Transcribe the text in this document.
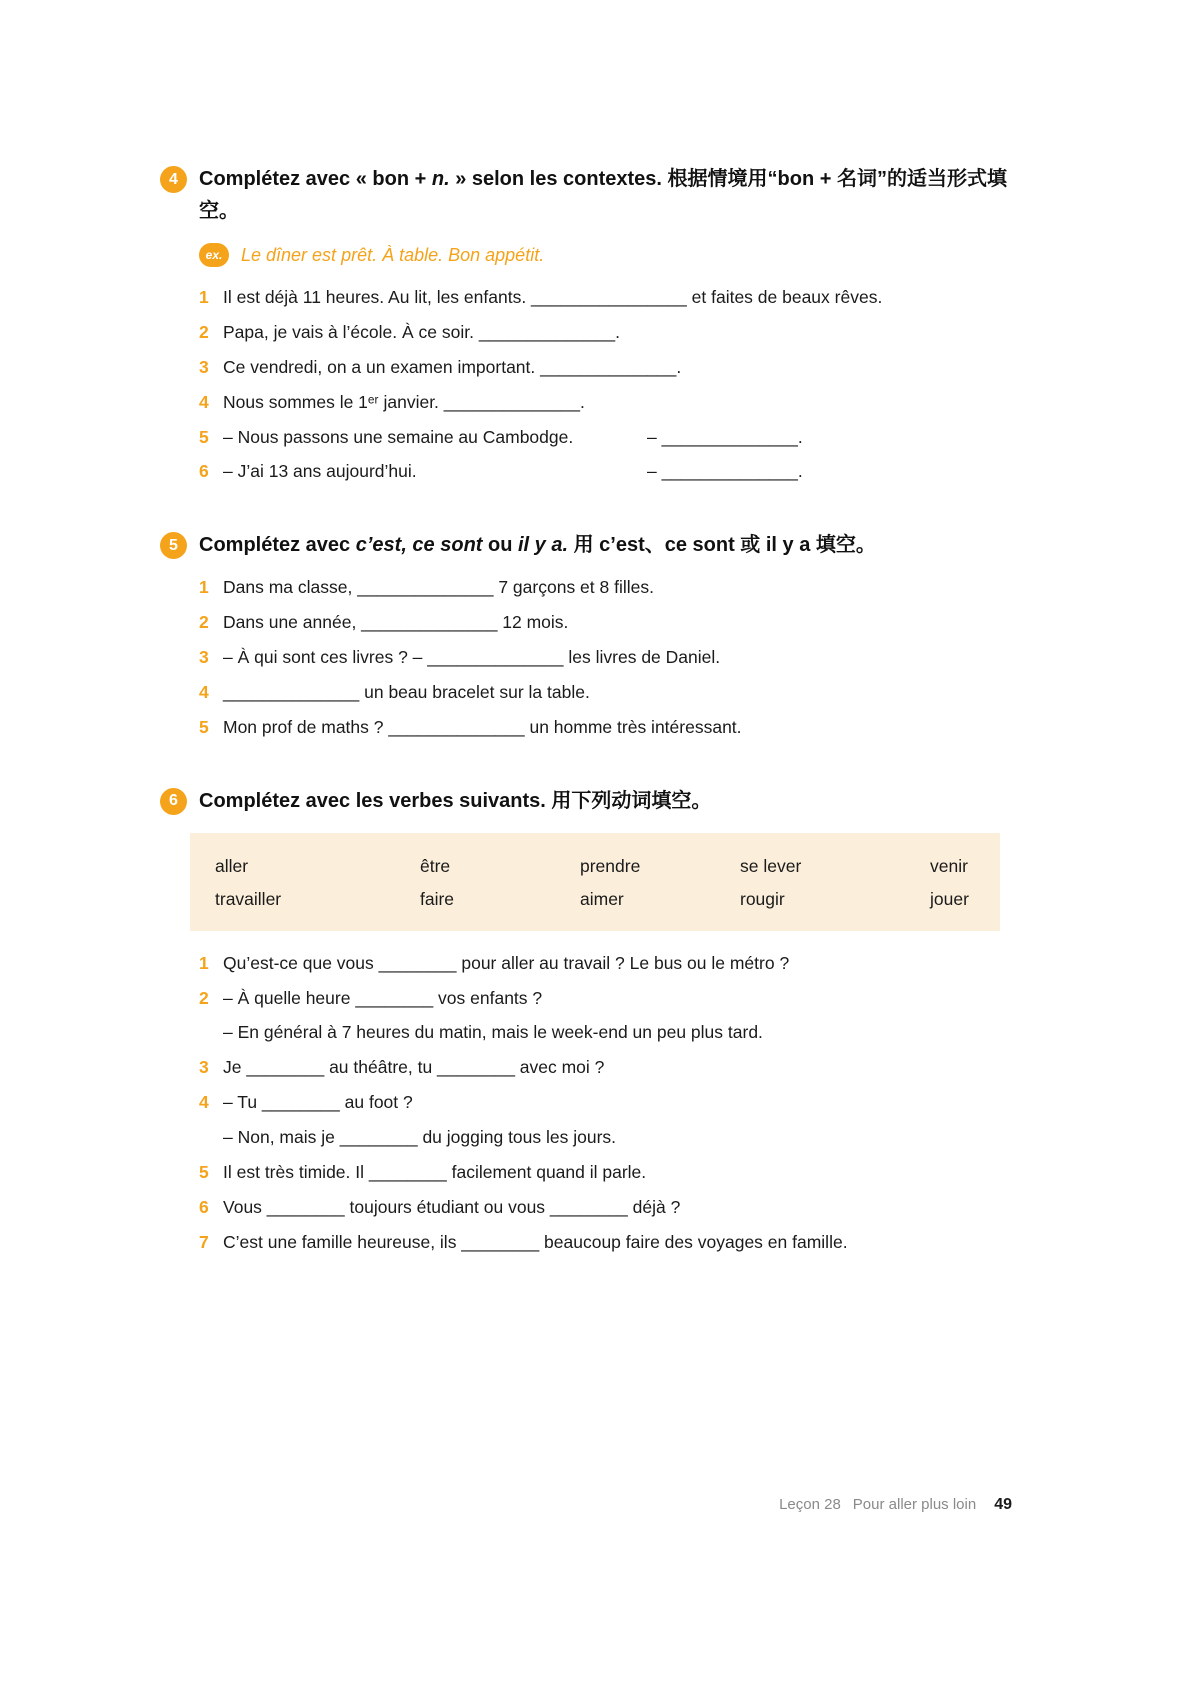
4	Complétez avec « bon + n. » selon les contextes. 根据情境用“bon + 名词”的适当形式填空。
ex.	Le dîner est prêt. À table. Bon appétit.
1 Il est déjà 11 heures. Au lit, les enfants. ________________ et faites de beaux rêves.
2 Papa, je vais à l’école. À ce soir. ______________.
3 Ce vendredi, on a un examen important. ______________.
4 Nous sommes le 1ᵉʳ janvier. ______________.
5 – Nous passons une semaine au Cambodge.	– ______________.
6 – J’ai 13 ans aujourd’hui.	– ______________.
5	Complétez avec c’est, ce sont ou il y a. 用 c’est、ce sont 或 il y a 填空。
1 Dans ma classe, ______________ 7 garçons et 8 filles.
2 Dans une année, ______________ 12 mois.
3 – À qui sont ces livres ? – ______________ les livres de Daniel.
4 ______________ un beau bracelet sur la table.
5 Mon prof de maths ? ______________ un homme très intéressant.
6	Complétez avec les verbes suivants. 用下列动词填空。
aller	être	prendre	se lever	venir
travailler	faire	aimer	rougir	jouer
1 Qu’est-ce que vous ________ pour aller au travail ? Le bus ou le métro ?
2 – À quelle heure ________ vos enfants ?
– En général à 7 heures du matin, mais le week-end un peu plus tard.
3 Je ________ au théâtre, tu ________ avec moi ?
4 – Tu ________ au foot ?
– Non, mais je ________ du jogging tous les jours.
5 Il est très timide. Il ________ facilement quand il parle.
6 Vous ________ toujours étudiant ou vous ________ déjà ?
7 C’est une famille heureuse, ils ________ beaucoup faire des voyages en famille.
Leçon 28 Pour aller plus loin 49
